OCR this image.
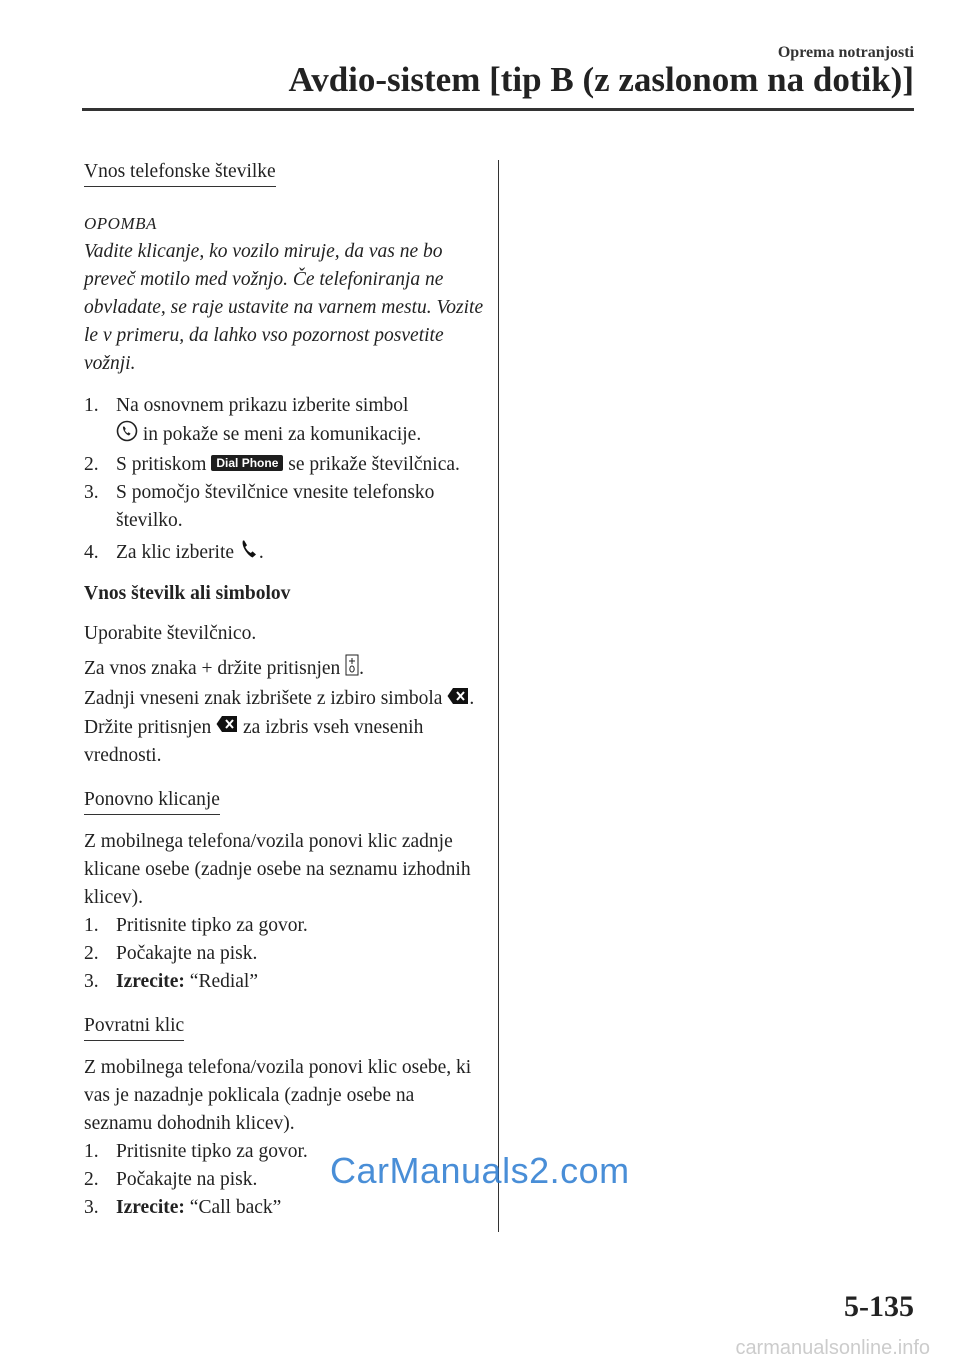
Oprema notranjosti
Avdio-sistem [tip B (z zaslonom na dotik)]
Vnos telefonske številke
OPOMBA

Vadite klicanje, ko vozilo miruje, da vas ne bo preveč motilo med vožnjo. Če telefoniranja ne obvladate, se raje ustavite na varnem mestu. Vozite le v primeru, da lahko vso pozornost posvetite vožnji.

1. Na osnovnem prikazu izberite simbol
in pokaže se meni za komunikacije.
2. S pritiskom Dial Phone se prikaže številčnica.
3. S pomočjo številčnice vnesite telefonsko številko.
4. Za klic izberite .

Vnos številk ali simbolov

Uporabite številčnico.

Za vnos znaka + držite pritisnjen .

Zadnji vneseni znak izbrišete z izbiro simbola .

Držite pritisnjen  za izbris vseh vnesenih vrednosti.

Ponovno klicanje

Z mobilnega telefona/vozila ponovi klic zadnje klicane osebe (zadnje osebe na seznamu izhodnih klicev).

1. Pritisnite tipko za govor.
2. Počakajte na pisk.
3. Izrecite: “Redial”
Povratni klic

Z mobilnega telefona/vozila ponovi klic osebe, ki vas je nazadnje poklicala (zadnje osebe na seznamu dohodnih klicev).

1. Pritisnite tipko za govor.
2. Počakajte na pisk.
3. Izrecite: “Call back”
CarManuals2.com
5-135
carmanualsonline.info
